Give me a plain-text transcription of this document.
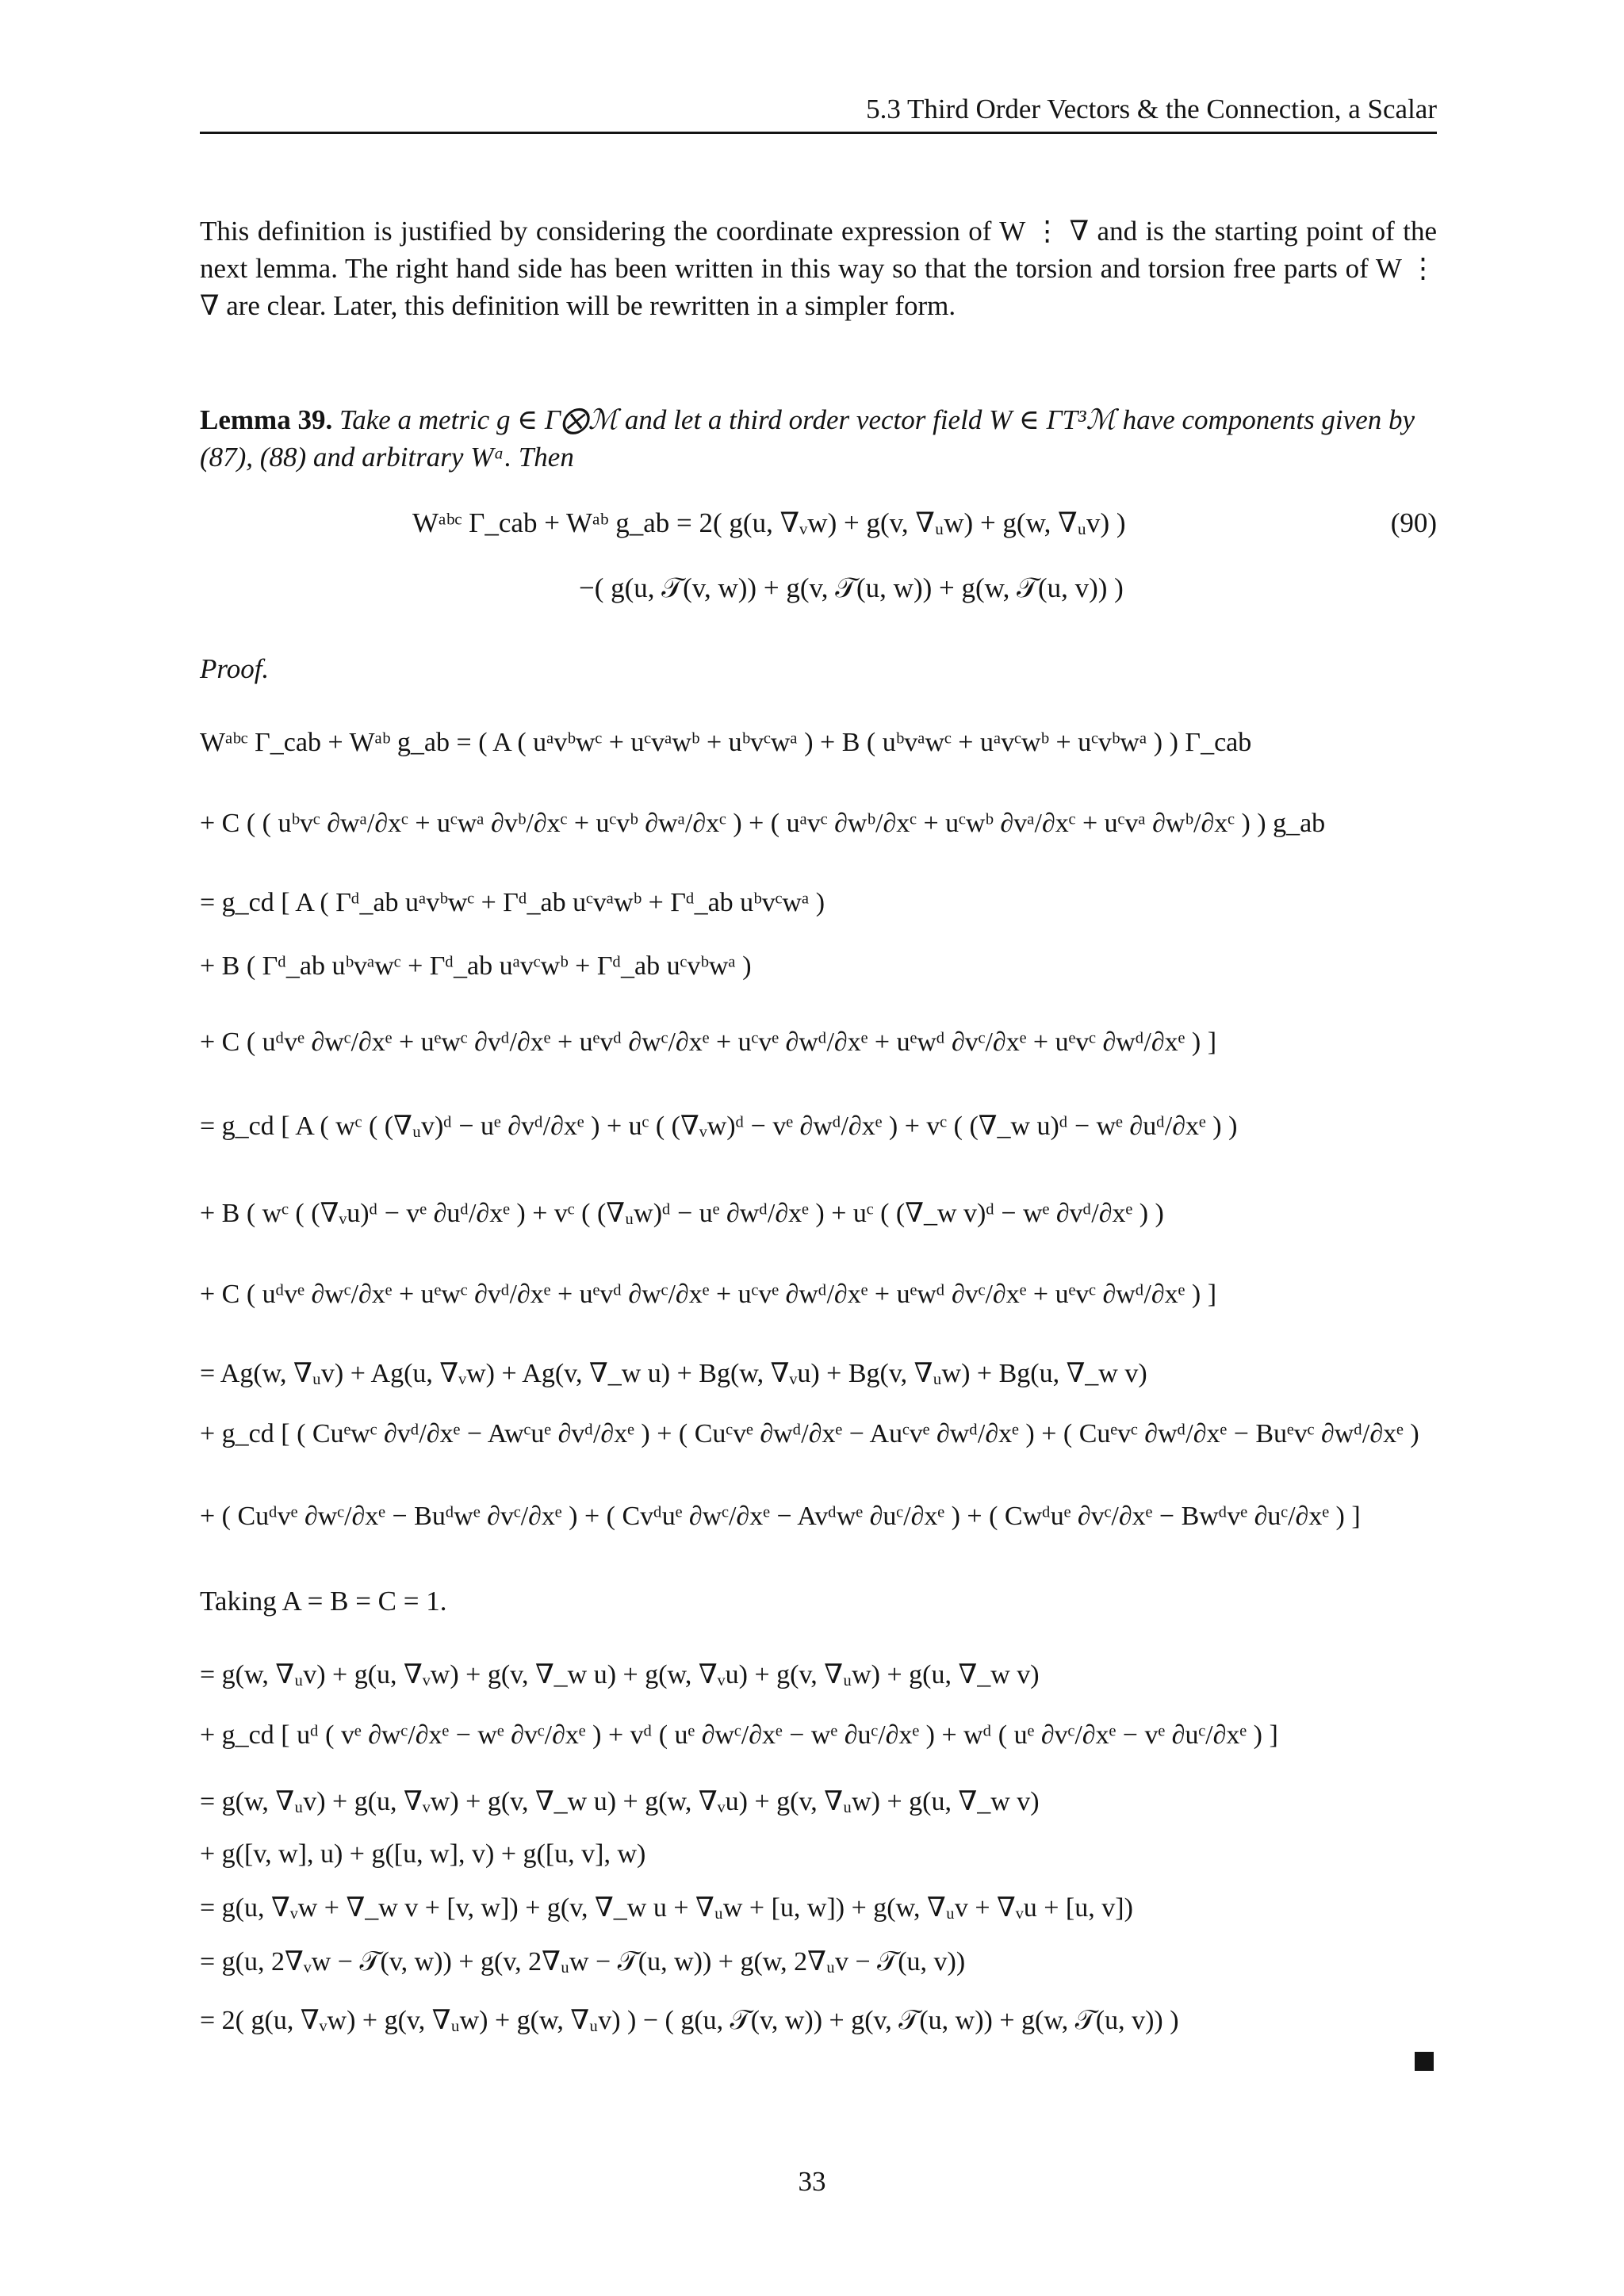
5.3 Third Order Vectors & the Connection, a Scalar
This definition is justified by considering the coordinate expression of W ⋮ ∇ and is the starting point of the next lemma. The right hand side has been written in this way so that the torsion and torsion free parts of W ⋮ ∇ are clear. Later, this definition will be rewritten in a simpler form.
Lemma 39. Take a metric g ∈ Γ⨂ℳ and let a third order vector field W ∈ ΓT³ℳ have components given by (87), (88) and arbitrary Wᵃ. Then
Wᵃᵇᶜ Γ_cab + Wᵃᵇ g_ab = 2( g(u, ∇ᵥw) + g(v, ∇ᵤw) + g(w, ∇ᵤv) )	(90)
−( g(u, 𝒯(v, w)) + g(v, 𝒯(u, w)) + g(w, 𝒯(u, v)) )
Proof.
Wᵃᵇᶜ Γ_cab + Wᵃᵇ g_ab = ( A ( uᵃvᵇwᶜ + uᶜvᵃwᵇ + uᵇvᶜwᵃ ) + B ( uᵇvᵃwᶜ + uᵃvᶜwᵇ + uᶜvᵇwᵃ ) ) Γ_cab
+ C ( ( uᵇvᶜ ∂wᵃ/∂xᶜ + uᶜwᵃ ∂vᵇ/∂xᶜ + uᶜvᵇ ∂wᵃ/∂xᶜ ) + ( uᵃvᶜ ∂wᵇ/∂xᶜ + uᶜwᵇ ∂vᵃ/∂xᶜ + uᶜvᵃ ∂wᵇ/∂xᶜ ) ) g_ab
= g_cd [ A ( Γᵈ_ab uᵃvᵇwᶜ + Γᵈ_ab uᶜvᵃwᵇ + Γᵈ_ab uᵇvᶜwᵃ )
+ B ( Γᵈ_ab uᵇvᵃwᶜ + Γᵈ_ab uᵃvᶜwᵇ + Γᵈ_ab uᶜvᵇwᵃ )
+ C ( uᵈvᵉ ∂wᶜ/∂xᵉ + uᵉwᶜ ∂vᵈ/∂xᵉ + uᵉvᵈ ∂wᶜ/∂xᵉ + uᶜvᵉ ∂wᵈ/∂xᵉ + uᵉwᵈ ∂vᶜ/∂xᵉ + uᵉvᶜ ∂wᵈ/∂xᵉ ) ]
= g_cd [ A ( wᶜ ( (∇ᵤv)ᵈ − uᵉ ∂vᵈ/∂xᵉ ) + uᶜ ( (∇ᵥw)ᵈ − vᵉ ∂wᵈ/∂xᵉ ) + vᶜ ( (∇_w u)ᵈ − wᵉ ∂uᵈ/∂xᵉ ) )
+ B ( wᶜ ( (∇ᵥu)ᵈ − vᵉ ∂uᵈ/∂xᵉ ) + vᶜ ( (∇ᵤw)ᵈ − uᵉ ∂wᵈ/∂xᵉ ) + uᶜ ( (∇_w v)ᵈ − wᵉ ∂vᵈ/∂xᵉ ) )
+ C ( uᵈvᵉ ∂wᶜ/∂xᵉ + uᵉwᶜ ∂vᵈ/∂xᵉ + uᵉvᵈ ∂wᶜ/∂xᵉ + uᶜvᵉ ∂wᵈ/∂xᵉ + uᵉwᵈ ∂vᶜ/∂xᵉ + uᵉvᶜ ∂wᵈ/∂xᵉ ) ]
= Ag(w, ∇ᵤv) + Ag(u, ∇ᵥw) + Ag(v, ∇_w u) + Bg(w, ∇ᵥu) + Bg(v, ∇ᵤw) + Bg(u, ∇_w v)
+ g_cd [ ( Cuᵉwᶜ ∂vᵈ/∂xᵉ − Awᶜuᵉ ∂vᵈ/∂xᵉ ) + ( Cuᶜvᵉ ∂wᵈ/∂xᵉ − Auᶜvᵉ ∂wᵈ/∂xᵉ ) + ( Cuᵉvᶜ ∂wᵈ/∂xᵉ − Buᵉvᶜ ∂wᵈ/∂xᵉ )
+ ( Cuᵈvᵉ ∂wᶜ/∂xᵉ − Buᵈwᵉ ∂vᶜ/∂xᵉ ) + ( Cvᵈuᵉ ∂wᶜ/∂xᵉ − Avᵈwᵉ ∂uᶜ/∂xᵉ ) + ( Cwᵈuᵉ ∂vᶜ/∂xᵉ − Bwᵈvᵉ ∂uᶜ/∂xᵉ ) ]
Taking A = B = C = 1.
= g(w, ∇ᵤv) + g(u, ∇ᵥw) + g(v, ∇_w u) + g(w, ∇ᵥu) + g(v, ∇ᵤw) + g(u, ∇_w v)
+ g_cd [ uᵈ ( vᵉ ∂wᶜ/∂xᵉ − wᵉ ∂vᶜ/∂xᵉ ) + vᵈ ( uᵉ ∂wᶜ/∂xᵉ − wᵉ ∂uᶜ/∂xᵉ ) + wᵈ ( uᵉ ∂vᶜ/∂xᵉ − vᵉ ∂uᶜ/∂xᵉ ) ]
= g(w, ∇ᵤv) + g(u, ∇ᵥw) + g(v, ∇_w u) + g(w, ∇ᵥu) + g(v, ∇ᵤw) + g(u, ∇_w v)
+ g([v, w], u) + g([u, w], v) + g([u, v], w)
= g(u, ∇ᵥw + ∇_w v + [v, w]) + g(v, ∇_w u + ∇ᵤw + [u, w]) + g(w, ∇ᵤv + ∇ᵥu + [u, v])
= g(u, 2∇ᵥw − 𝒯(v, w)) + g(v, 2∇ᵤw − 𝒯(u, w)) + g(w, 2∇ᵤv − 𝒯(u, v))
= 2( g(u, ∇ᵥw) + g(v, ∇ᵤw) + g(w, ∇ᵤv) ) − ( g(u, 𝒯(v, w)) + g(v, 𝒯(u, w)) + g(w, 𝒯(u, v)) )
33
